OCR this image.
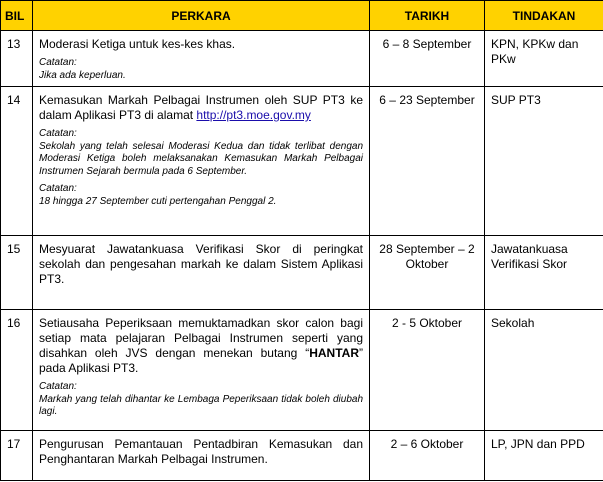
BIL	PERKARA	TARIKH	TINDAKAN
13	Moderasi Ketiga untuk kes-kes khas.
Catatan:
Jika ada keperluan.	6 – 8 September	KPN, KPKw dan PKw
14	Kemasukan Markah Pelbagai Instrumen oleh SUP PT3 ke dalam Aplikasi PT3 di alamat http://pt3.moe.gov.my
Catatan:
Sekolah yang telah selesai Moderasi Kedua dan tidak terlibat dengan Moderasi Ketiga boleh melaksanakan Kemasukan Markah Pelbagai Instrumen Sejarah bermula pada 6 September.
Catatan:
18 hingga 27 September cuti pertengahan Penggal 2.	6 – 23 September	SUP PT3
15	Mesyuarat Jawatankuasa Verifikasi Skor di peringkat sekolah dan pengesahan markah ke dalam Sistem Aplikasi PT3.	28 September – 2 Oktober	Jawatankuasa Verifikasi Skor
16	Setiausaha Peperiksaan memuktamadkan skor calon bagi setiap mata pelajaran Pelbagai Instrumen seperti yang disahkan oleh JVS dengan menekan butang “HANTAR” pada Aplikasi PT3.
Catatan:
Markah yang telah dihantar ke Lembaga Peperiksaan tidak boleh diubah lagi.	2 - 5 Oktober	Sekolah
17	Pengurusan Pemantauan Pentadbiran Kemasukan dan Penghantaran Markah Pelbagai Instrumen.	2 – 6 Oktober	LP, JPN dan PPD
